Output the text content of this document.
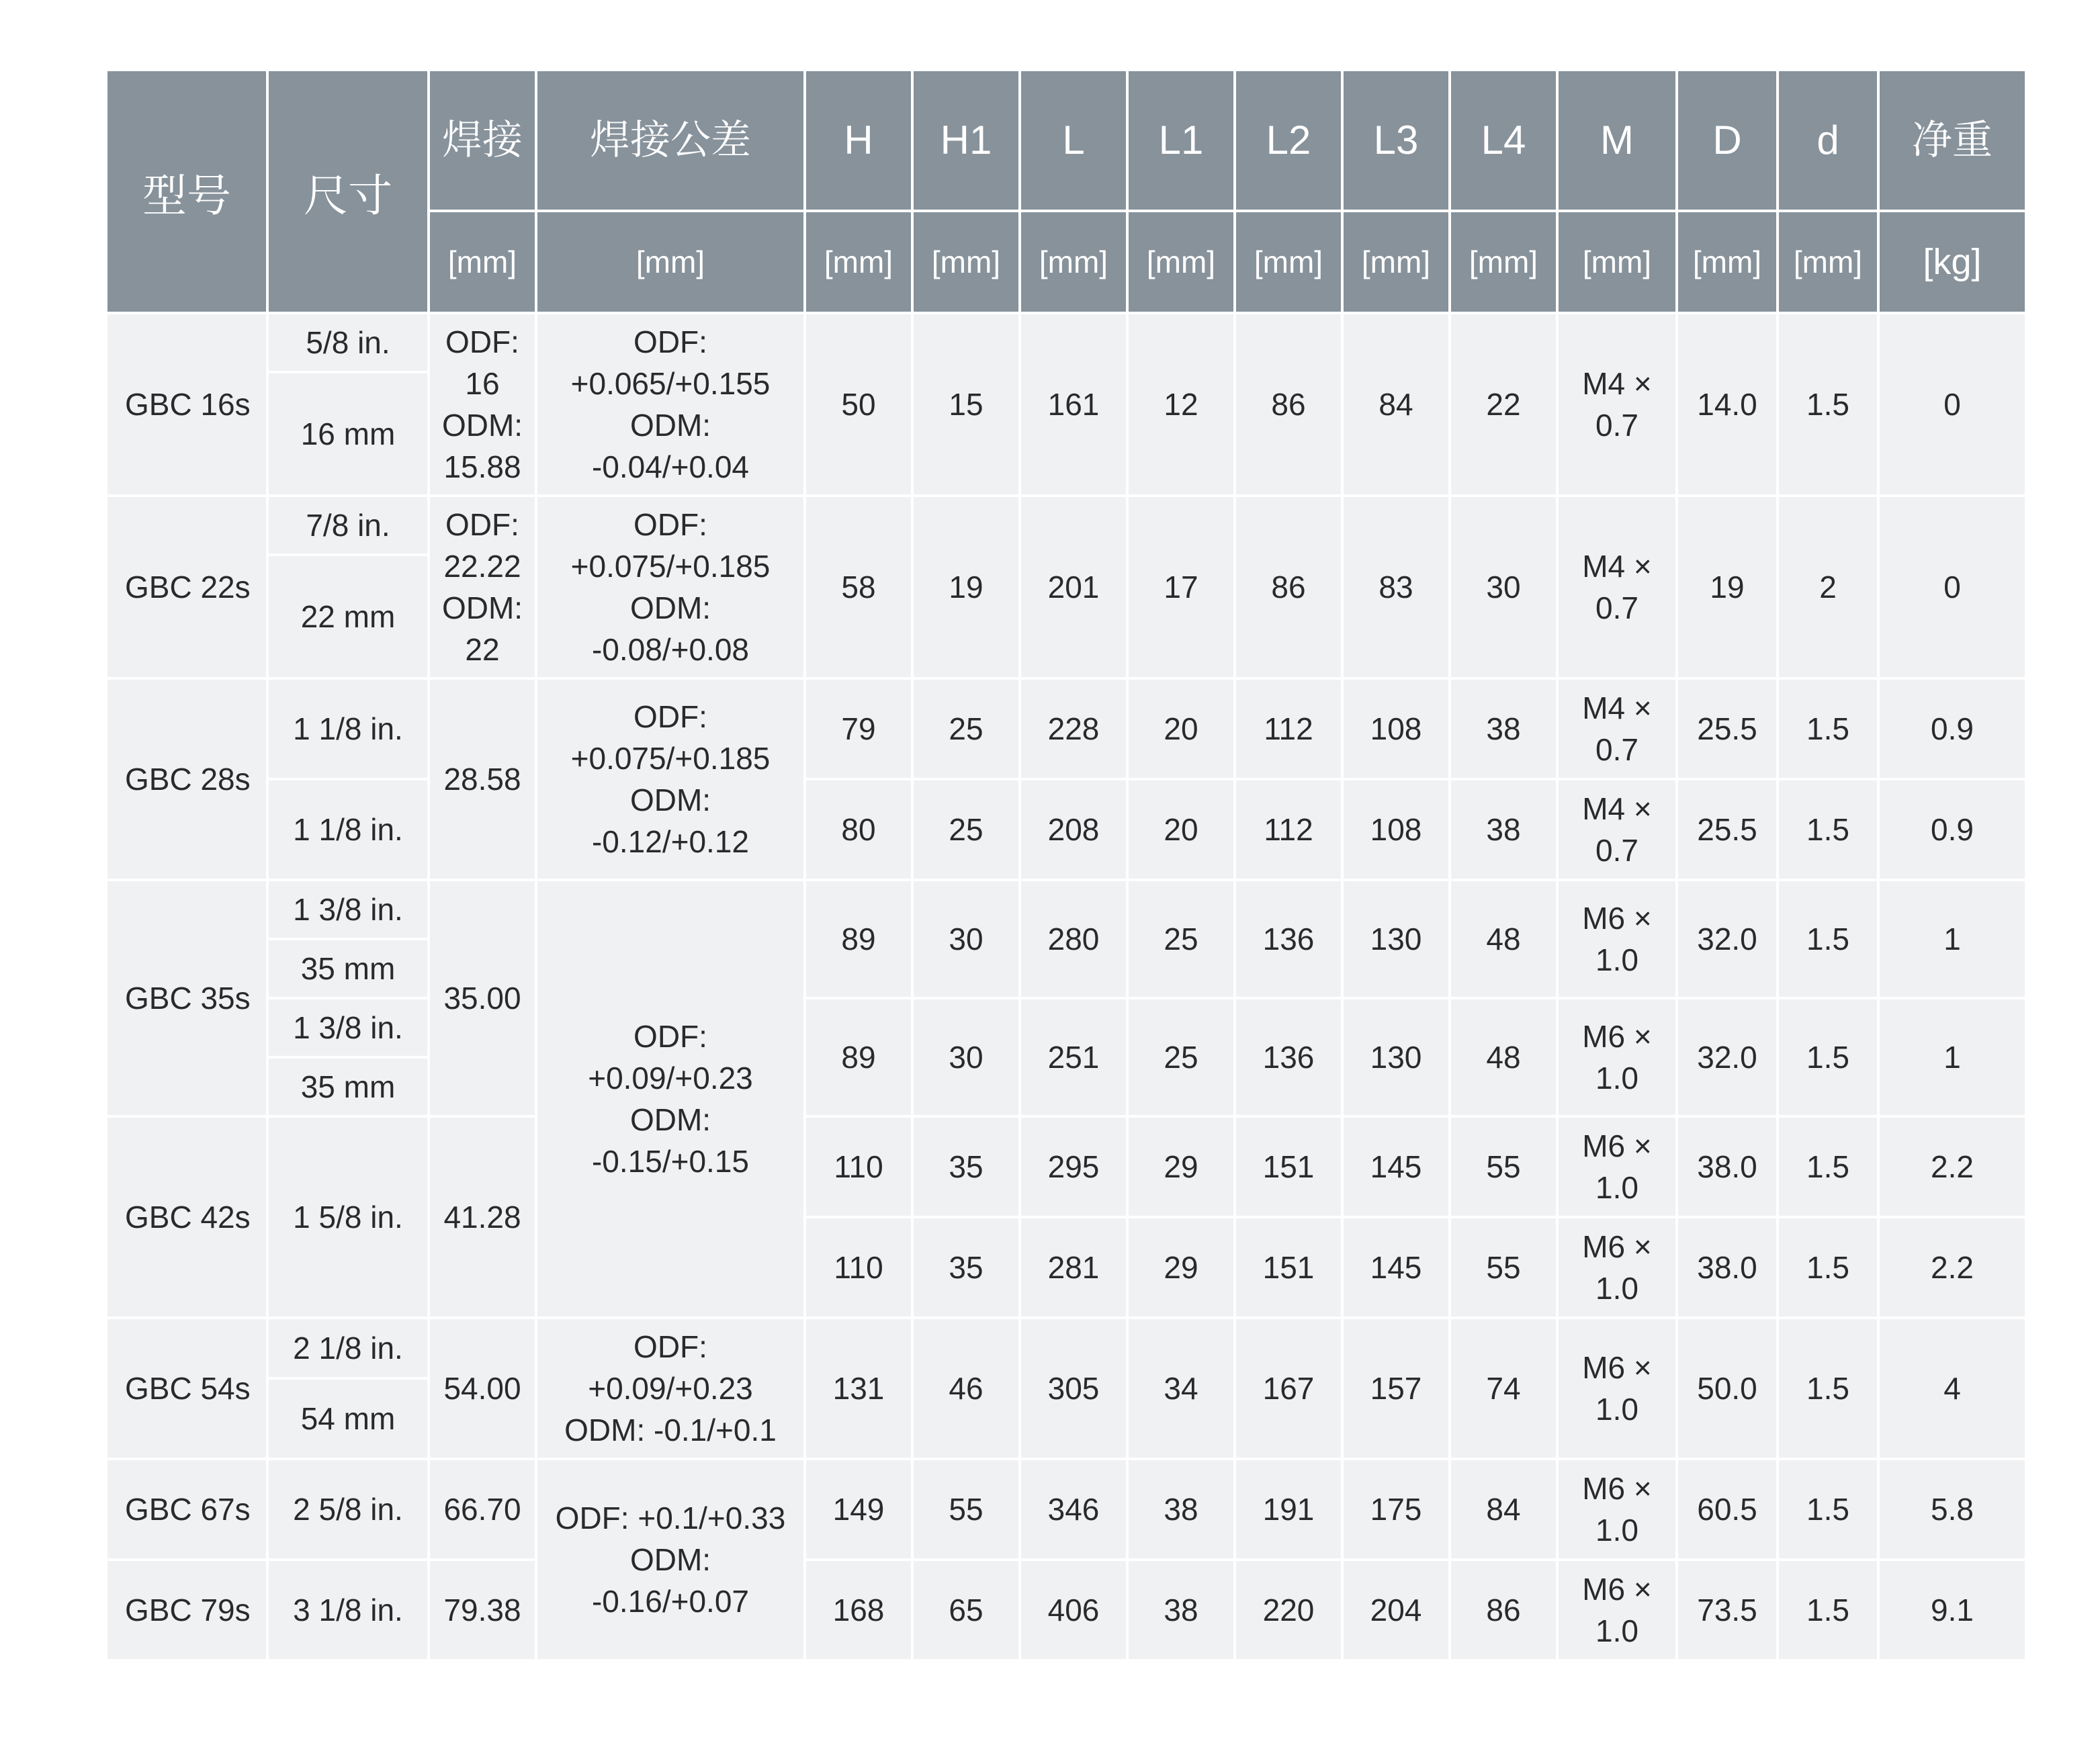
型号	尺寸	焊接	焊接公差	H	H1	L	L1	L2	L3	L4	M	D	d	净重
		[mm]	[mm]	[mm]	[mm]	[mm]	[mm]	[mm]	[mm]	[mm]	[mm]	[mm]	[mm]	[kg]
GBC 16s	5/8 in.	ODF:
16
ODM:
15.88	ODF:
+0.065/+0.155
ODM:
-0.04/+0.04	50	15	161	12	86	84	22	M4 ×
0.7	14.0	1.5	0
	16 mm													
GBC 22s	7/8 in.	ODF:
22.22
ODM:
22	ODF:
+0.075/+0.185
ODM:
-0.08/+0.08	58	19	201	17	86	83	30	M4 ×
0.7	19	2	0
	22 mm													
GBC 28s	1 1/8 in.	28.58	ODF:
+0.075/+0.185
ODM:
-0.12/+0.12	79	25	228	20	112	108	38	M4 ×
0.7	25.5	1.5	0.9
	1 1/8 in.			80	25	208	20	112	108	38	M4 ×
0.7	25.5	1.5	0.9
GBC 35s	1 3/8 in.	35.00	ODF:
+0.09/+0.23
ODM:
-0.15/+0.15	89	30	280	25	136	130	48	M6 ×
1.0	32.0	1.5	1
	35 mm													
	1 3/8 in.			89	30	251	25	136	130	48	M6 ×
1.0	32.0	1.5	1
	35 mm													
GBC 42s	1 5/8 in.	41.28		110	35	295	29	151	145	55	M6 ×
1.0	38.0	1.5	2.2
				110	35	281	29	151	145	55	M6 ×
1.0	38.0	1.5	2.2
GBC 54s	2 1/8 in.	54.00	ODF:
+0.09/+0.23
ODM: -0.1/+0.1	131	46	305	34	167	157	74	M6 ×
1.0	50.0	1.5	4
	54 mm													
GBC 67s	2 5/8 in.	66.70	ODF: +0.1/+0.33
ODM:
-0.16/+0.07	149	55	346	38	191	175	84	M6 ×
1.0	60.5	1.5	5.8
GBC 79s	3 1/8 in.	79.38		168	65	406	38	220	204	86	M6 ×
1.0	73.5	1.5	9.1
